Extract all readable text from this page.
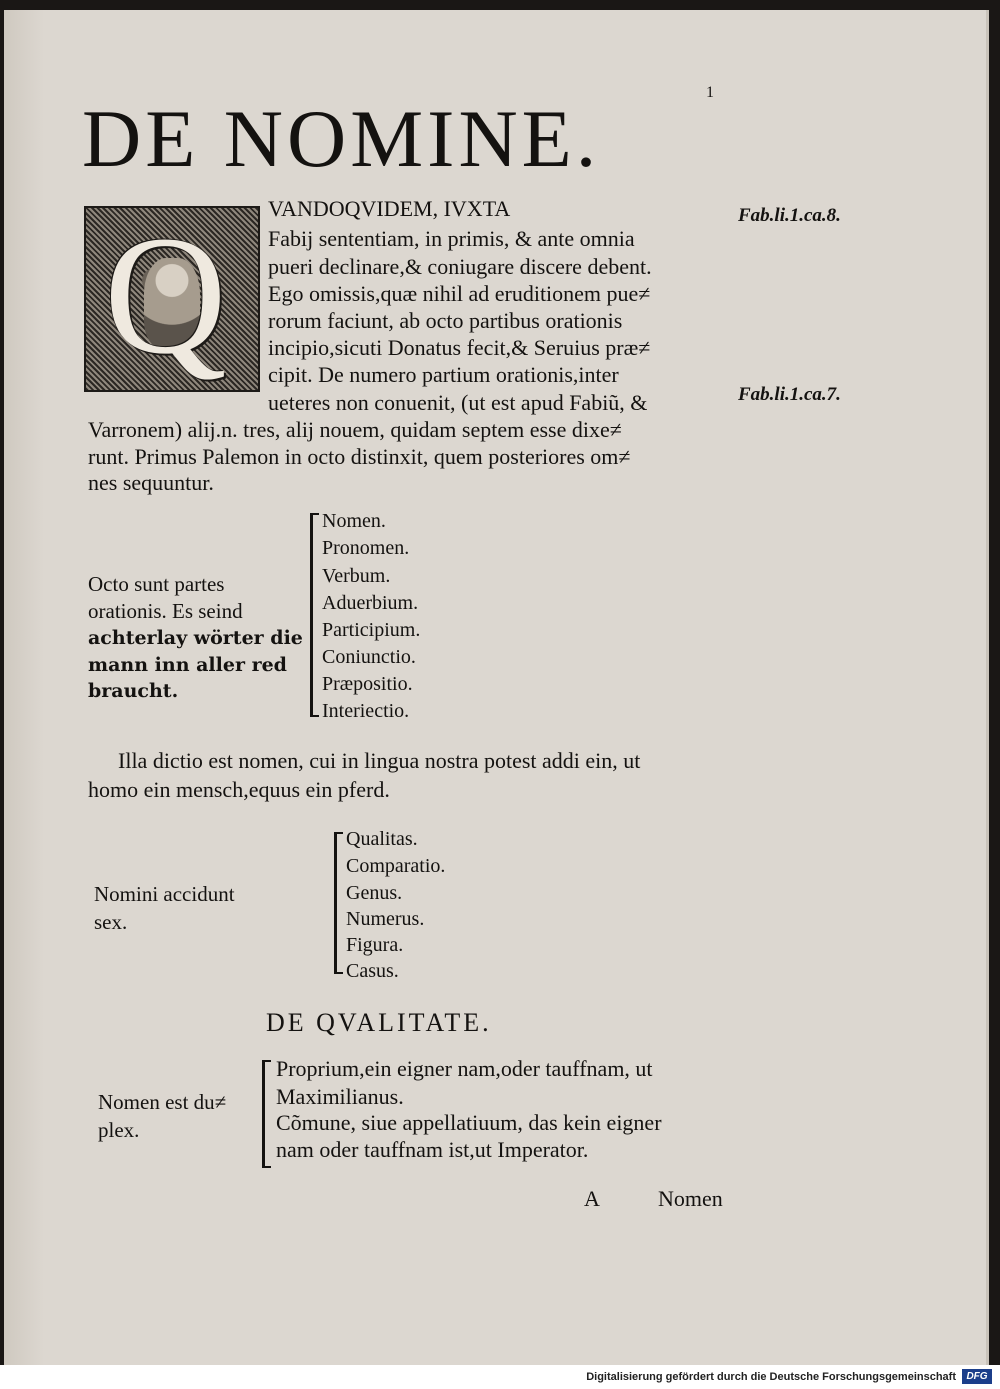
1
DE NOMINE.
Q VANDOQVIDEM, IVXTA
Fabij sententiam, in primis, & ante omnia
pueri declinare,& coniugare discere debent.
Ego omissis,quæ nihil ad eruditionem pue≠
rorum faciunt, ab octo partibus orationis
incipio,sicuti Donatus fecit,& Seruius præ≠
cipit. De numero partium orationis,inter
ueteres non conuenit, (ut est apud Fabiũ, &
Varronem) alij.n. tres, alij nouem, quidam septem esse dixe≠
runt. Primus Palemon in octo distinxit, quem posteriores om≠
nes sequuntur.
Fab.li.1.ca.8.
Fab.li.1.ca.7.
Octo sunt partes
orationis. Es seind
achterlay wörter die
mann inn aller red
braucht.
Nomen.
Pronomen.
Verbum.
Aduerbium.
Participium.
Coniunctio.
Præpositio.
Interiectio.
Illa dictio est nomen, cui in lingua nostra potest addi ein, ut
homo ein mensch,equus ein pferd.
Nomini accidunt
sex.
Qualitas.
Comparatio.
Genus.
Numerus.
Figura.
Casus.
DE QVALITATE.
Nomen est du≠
plex.
Proprium,ein eigner nam,oder tauffnam, ut
Maximilianus.
Cõmune, siue appellatiuum, das kein eigner
nam oder tauffnam ist,ut Imperator.
A	Nomen
Digitalisierung gefördert durch die Deutsche Forschungsgemeinschaft	DFG
